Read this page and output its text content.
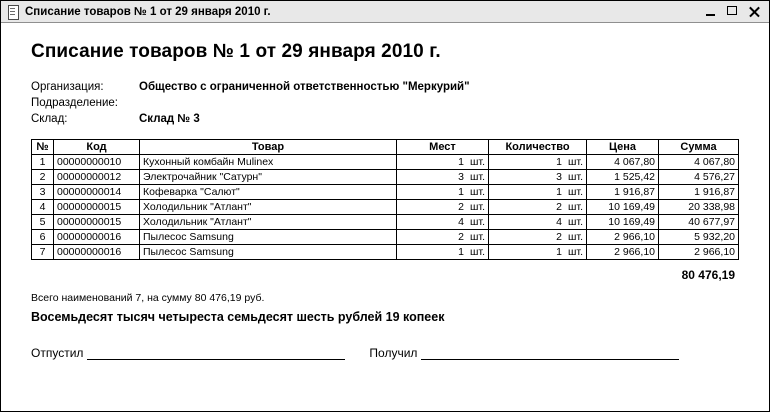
Списание товаров № 1 от 29 января 2010 г.
Списание товаров № 1 от 29 января 2010 г.
Организация:	Общество с ограниченной ответственностью "Меркурий"
Подразделение:
Склад:	Склад № 3
№	Код	Товар	Мест	Количество	Цена	Сумма
1	00000000010	Кухонный комбайн Mulinex	1 шт.	1 шт.	4 067,80	4 067,80
2	00000000012	Электрочайник "Сатурн"	3 шт.	3 шт.	1 525,42	4 576,27
3	00000000014	Кофеварка "Салют"	1 шт.	1 шт.	1 916,87	1 916,87
4	00000000015	Холодильник "Атлант"	2 шт.	2 шт.	10 169,49	20 338,98
5	00000000015	Холодильник "Атлант"	4 шт.	4 шт.	10 169,49	40 677,97
6	00000000016	Пылесос Samsung	2 шт.	2 шт.	2 966,10	5 932,20
7	00000000016	Пылесос Samsung	1 шт.	1 шт.	2 966,10	2 966,10
80 476,19
Всего наименований 7, на сумму 80 476,19 руб.
Восемьдесят тысяч четыреста семьдесят шесть рублей 19 копеек
Отпустил	Получил
